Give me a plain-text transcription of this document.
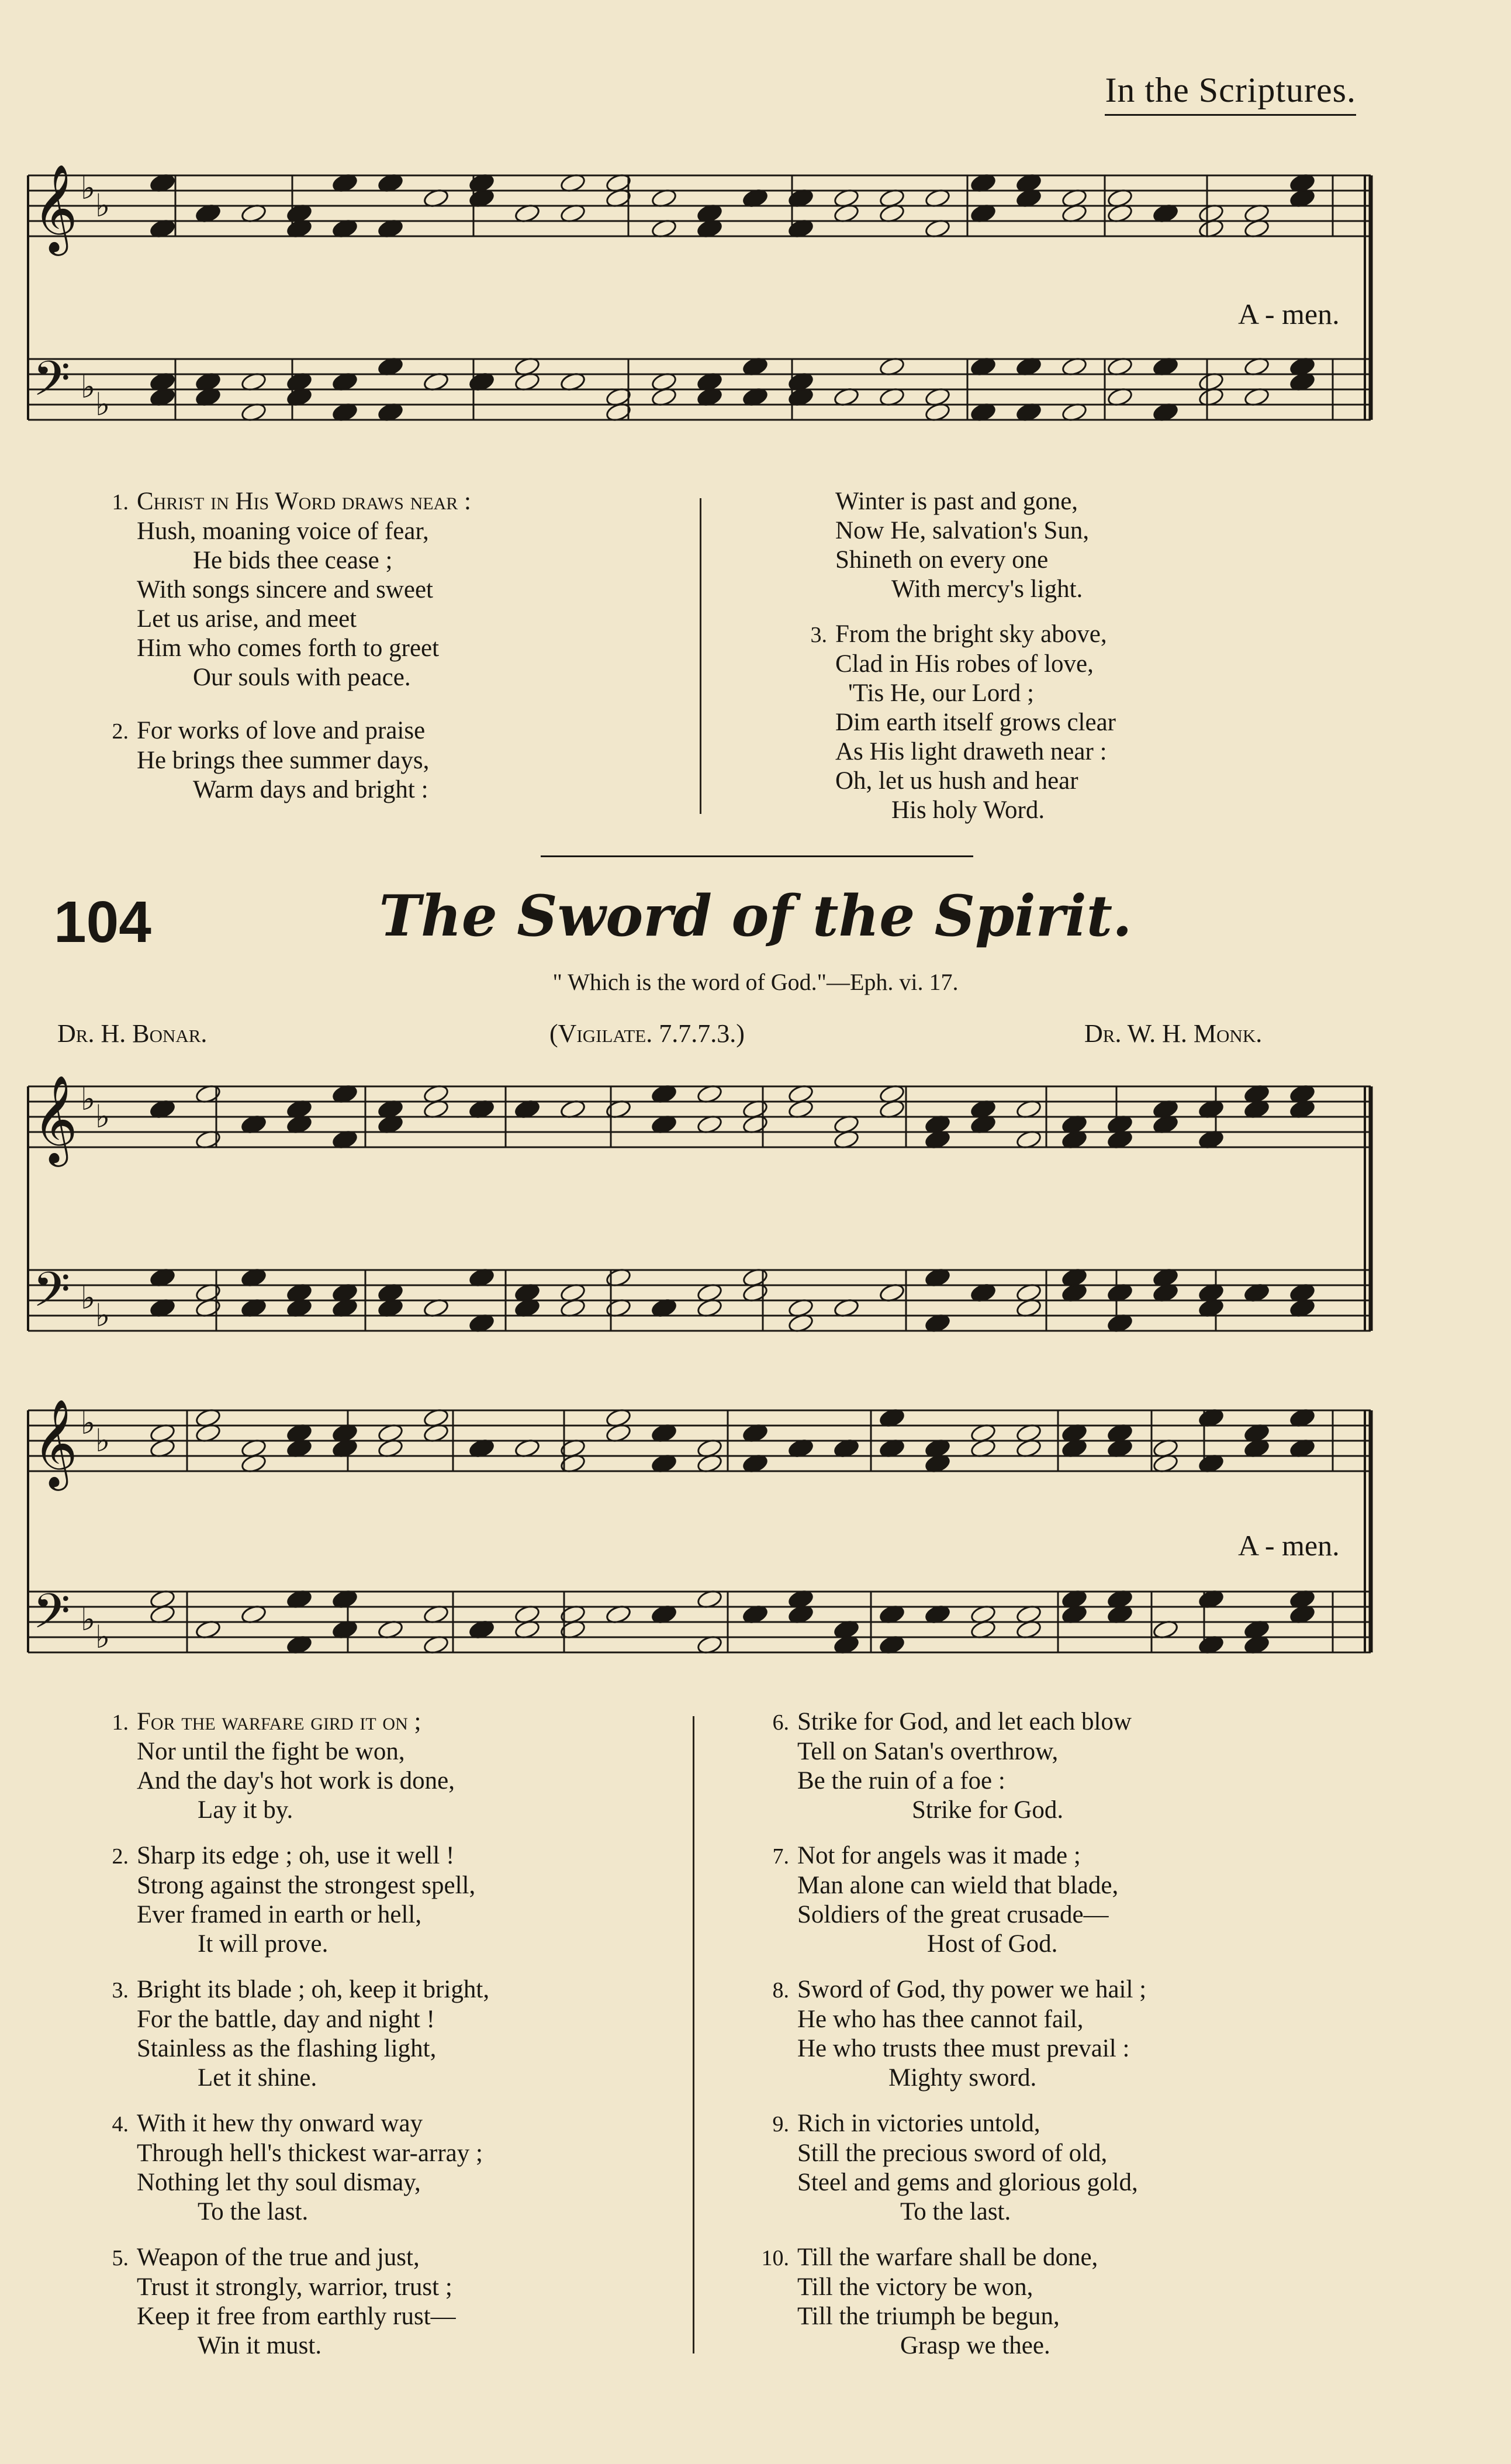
In the Scriptures.
𝄞
𝄢
♭ ♭
♭ ♭
𝄞
𝄢
♭ ♭
♭ ♭
𝄞
𝄢
♭ ♭
♭ ♭
A - men.
1. Christ in His Word draws near :
Hush, moaning voice of fear,
He bids thee cease ;
With songs sincere and sweet
Let us arise, and meet
Him who comes forth to greet
Our souls with peace.
2. For works of love and praise
He brings thee summer days,
Warm days and bright :
Winter is past and gone,
Now He, salvation's Sun,
Shineth on every one
With mercy's light.
3. From the bright sky above,
Clad in His robes of love,
'Tis He, our Lord ;
Dim earth itself grows clear
As His light draweth near :
Oh, let us hush and hear
His holy Word.
104	The Sword of the Spirit.
" Which is the word of God."—Eph. vi. 17.
Dr. H. Bonar.	(Vigilate. 7.7.7.3.)	Dr. W. H. Monk.
A - men.
1. For the warfare gird it on ;
Nor until the fight be won,
And the day's hot work is done,
Lay it by.
2. Sharp its edge ; oh, use it well !
Strong against the strongest spell,
Ever framed in earth or hell,
It will prove.
3. Bright its blade ; oh, keep it bright,
For the battle, day and night !
Stainless as the flashing light,
Let it shine.
4. With it hew thy onward way
Through hell's thickest war-array ;
Nothing let thy soul dismay,
To the last.
5. Weapon of the true and just,
Trust it strongly, warrior, trust ;
Keep it free from earthly rust—
Win it must.
6. Strike for God, and let each blow
Tell on Satan's overthrow,
Be the ruin of a foe :
Strike for God.
7. Not for angels was it made ;
Man alone can wield that blade,
Soldiers of the great crusade—
Host of God.
8. Sword of God, thy power we hail ;
He who has thee cannot fail,
He who trusts thee must prevail :
Mighty sword.
9. Rich in victories untold,
Still the precious sword of old,
Steel and gems and glorious gold,
To the last.
10. Till the warfare shall be done,
Till the victory be won,
Till the triumph be begun,
Grasp we thee.
